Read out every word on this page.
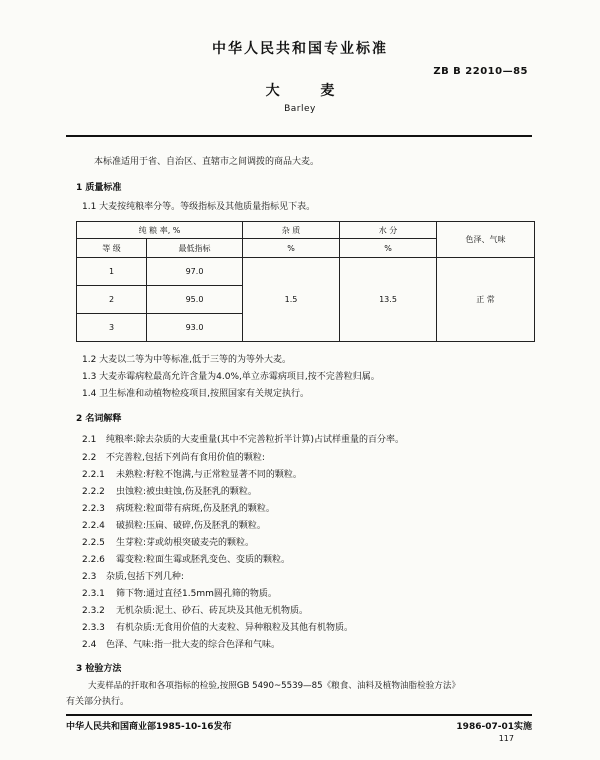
中华人民共和国专业标准
ZB B 22010—85
大 麦
Barley
本标准适用于省、自治区、直辖市之间调拨的商品大麦。
1 质量标准
1.1 大麦按纯粮率分等。等级指标及其他质量指标见下表。
纯 粮 率, %		杂 质	水 分	色泽、气味
等 级	最低指标	%	%	
1	97.0	1.5	13.5	正 常
2	95.0			
3	93.0			
1.2 大麦以二等为中等标准,低于三等的为等外大麦。
1.3 大麦赤霉病粒最高允许含量为4.0%,单立赤霉病项目,按不完善粒归属。
1.4 卫生标准和动植物检疫项目,按照国家有关规定执行。
2 名词解释
2.1 纯粮率:除去杂质的大麦重量(其中不完善粒折半计算)占试样重量的百分率。
2.2 不完善粒,包括下列尚有食用价值的颗粒:
2.2.1 未熟粒:籽粒不饱满,与正常粒显著不同的颗粒。
2.2.2 虫蚀粒:被虫蛀蚀,伤及胚乳的颗粒。
2.2.3 病斑粒:粒面带有病斑,伤及胚乳的颗粒。
2.2.4 破损粒:压扁、破碎,伤及胚乳的颗粒。
2.2.5 生芽粒:芽或幼根突破麦壳的颗粒。
2.2.6 霉变粒:粒面生霉或胚乳变色、变质的颗粒。
2.3 杂质,包括下列几种:
2.3.1 筛下物:通过直径1.5mm圆孔筛的物质。
2.3.2 无机杂质:泥土、砂石、砖瓦块及其他无机物质。
2.3.3 有机杂质:无食用价值的大麦粒、异种粮粒及其他有机物质。
2.4 色泽、气味:指一批大麦的综合色泽和气味。
3 检验方法
大麦样品的扦取和各项指标的检验,按照GB 5490~5539—85《粮食、油料及植物油脂检验方法》
有关部分执行。
中华人民共和国商业部1985-10-16发布	1986-07-01实施
117
